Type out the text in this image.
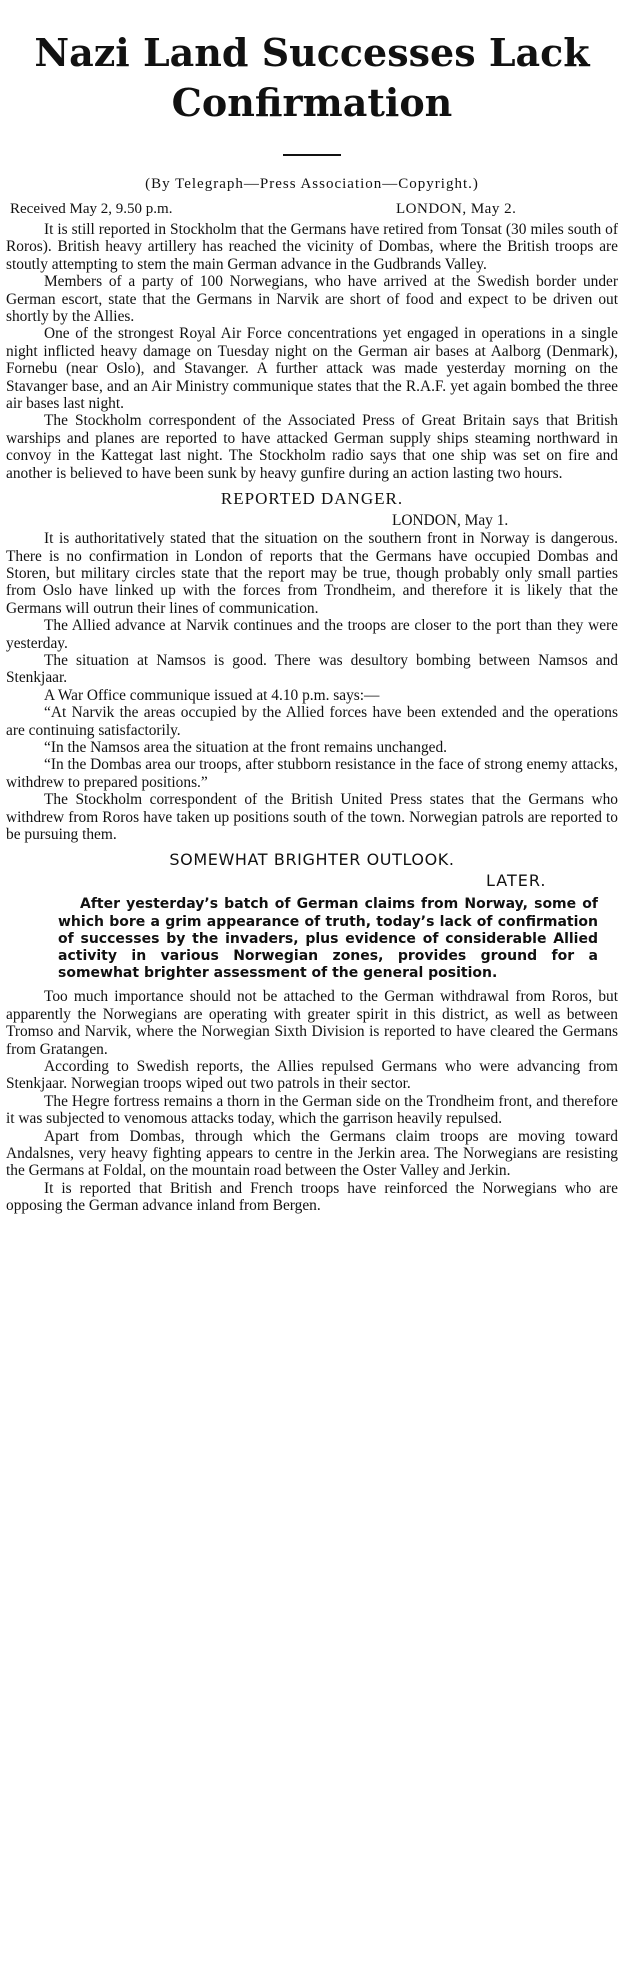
Nazi Land Successes Lack
Confirmation
(By Telegraph—Press Association—Copyright.)
Received May 2, 9.50 p.m.	LONDON, May 2.

It is still reported in Stockholm that the Germans have retired from Tonsat (30 miles south of Roros). British heavy artillery has reached the vicinity of Dombas, where the British troops are stoutly attempting to stem the main German advance in the Gudbrands Valley.

Members of a party of 100 Norwegians, who have arrived at the Swedish border under German escort, state that the Germans in Narvik are short of food and expect to be driven out shortly by the Allies.

One of the strongest Royal Air Force concentrations yet engaged in operations in a single night inflicted heavy damage on Tuesday night on the German air bases at Aalborg (Denmark), Fornebu (near Oslo), and Stavanger. A further attack was made yesterday morning on the Stavanger base, and an Air Ministry communique states that the R.A.F. yet again bombed the three air bases last night.

The Stockholm correspondent of the Associated Press of Great Britain says that British warships and planes are reported to have attacked German supply ships steaming northward in convoy in the Kattegat last night. The Stockholm radio says that one ship was set on fire and another is believed to have been sunk by heavy gunfire during an action lasting two hours.

REPORTED DANGER.
LONDON, May 1.

It is authoritatively stated that the situation on the southern front in Norway is dangerous. There is no confirmation in London of reports that the Germans have occupied Dombas and Storen, but military circles state that the report may be true, though probably only small parties from Oslo have linked up with the forces from Trondheim, and therefore it is likely that the Germans will outrun their lines of communication.

The Allied advance at Narvik continues and the troops are closer to the port than they were yesterday.

The situation at Namsos is good. There was desultory bombing between Namsos and Stenkjaar.

A War Office communique issued at 4.10 p.m. says:—

“At Narvik the areas occupied by the Allied forces have been extended and the operations are continuing satisfactorily.

“In the Namsos area the situation at the front remains unchanged.

“In the Dombas area our troops, after stubborn resistance in the face of strong enemy attacks, withdrew to prepared positions.”

The Stockholm correspondent of the British United Press states that the Germans who withdrew from Roros have taken up positions south of the town. Norwegian patrols are reported to be pursuing them.

SOMEWHAT BRIGHTER OUTLOOK.
LATER.
After yesterday’s batch of German claims from Norway, some of which bore a grim appearance of truth, today’s lack of confirmation of successes by the invaders, plus evidence of considerable Allied activity in various Norwegian zones, provides ground for a somewhat brighter assessment of the general position.

Too much importance should not be attached to the German withdrawal from Roros, but apparently the Norwegians are operating with greater spirit in this district, as well as between Tromso and Narvik, where the Norwegian Sixth Division is reported to have cleared the Germans from Gratangen.

According to Swedish reports, the Allies repulsed Germans who were advancing from Stenkjaar. Norwegian troops wiped out two patrols in their sector.

The Hegre fortress remains a thorn in the German side on the Trondheim front, and therefore it was subjected to venomous attacks today, which the garrison heavily repulsed.

Apart from Dombas, through which the Germans claim troops are moving toward Andalsnes, very heavy fighting appears to centre in the Jerkin area. The Norwegians are resisting the Germans at Foldal, on the mountain road between the Oster Valley and Jerkin.

It is reported that British and French troops have reinforced the Norwegians who are opposing the German advance inland from Bergen.
